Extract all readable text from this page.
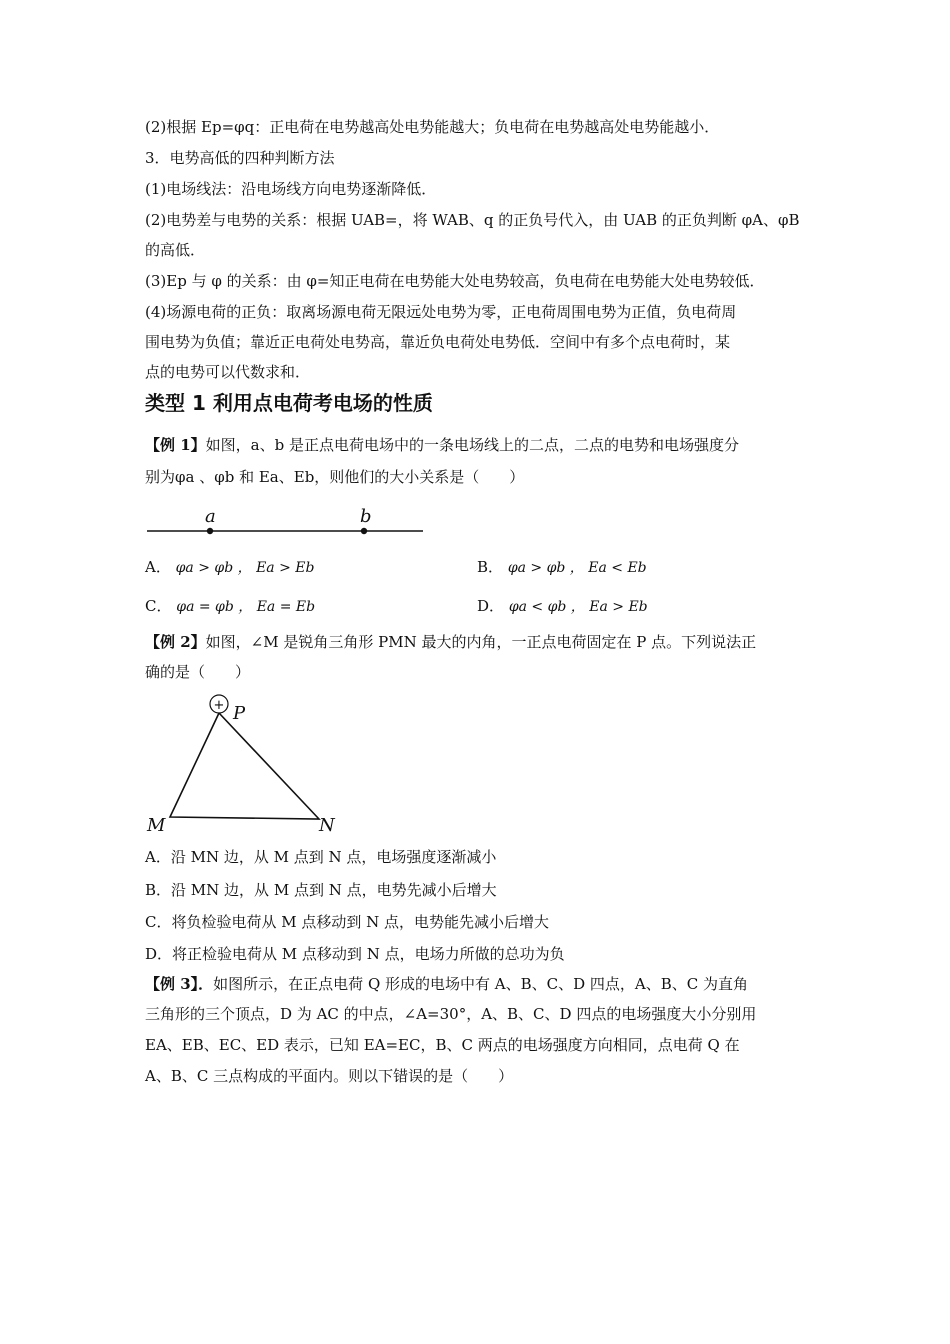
(2)根据 Ep=φq：正电荷在电势越高处电势能越大；负电荷在电势越高处电势能越小．
3．电势高低的四种判断方法
(1)电场线法：沿电场线方向电势逐渐降低．
(2)电势差与电势的关系：根据 UAB=，将 WAB、q 的正负号代入，由 UAB 的正负判断 φA、φB
的高低．
(3)Ep 与 φ 的关系：由 φ=知正电荷在电势能大处电势较高，负电荷在电势能大处电势较低．
(4)场源电荷的正负：取离场源电荷无限远处电势为零，正电荷周围电势为正值，负电荷周
围电势为负值；靠近正电荷处电势高，靠近负电荷处电势低．空间中有多个点电荷时，某
点的电势可以代数求和．
类型 1 利用点电荷考电场的性质
【例 1】如图，a、b 是正点电荷电场中的一条电场线上的二点，二点的电势和电场强度分
别为φa 、φb 和 Ea、Eb，则他们的大小关系是（　　）
a	b
A． φa > φb ， Ea > Eb	B． φa > φb ， Ea < Eb
C． φa = φb ， Ea = Eb	D． φa < φb ， Ea > Eb
【例 2】如图，∠M 是锐角三角形 PMN 最大的内角，一正点电荷固定在 P 点。下列说法正
确的是（　　）
+ P
M	N
A．沿 MN 边，从 M 点到 N 点，电场强度逐渐减小
B．沿 MN 边，从 M 点到 N 点，电势先减小后增大
C．将负检验电荷从 M 点移动到 N 点，电势能先减小后增大
D．将正检验电荷从 M 点移动到 N 点，电场力所做的总功为负
【例 3】．如图所示，在正点电荷 Q 形成的电场中有 A、B、C、D 四点，A、B、C 为直角
三角形的三个顶点，D 为 AC 的中点，∠A=30°，A、B、C、D 四点的电场强度大小分别用
EA、EB、EC、ED 表示，已知 EA=EC，B、C 两点的电场强度方向相同，点电荷 Q 在
A、B、C 三点构成的平面内。则以下错误的是（　　）
